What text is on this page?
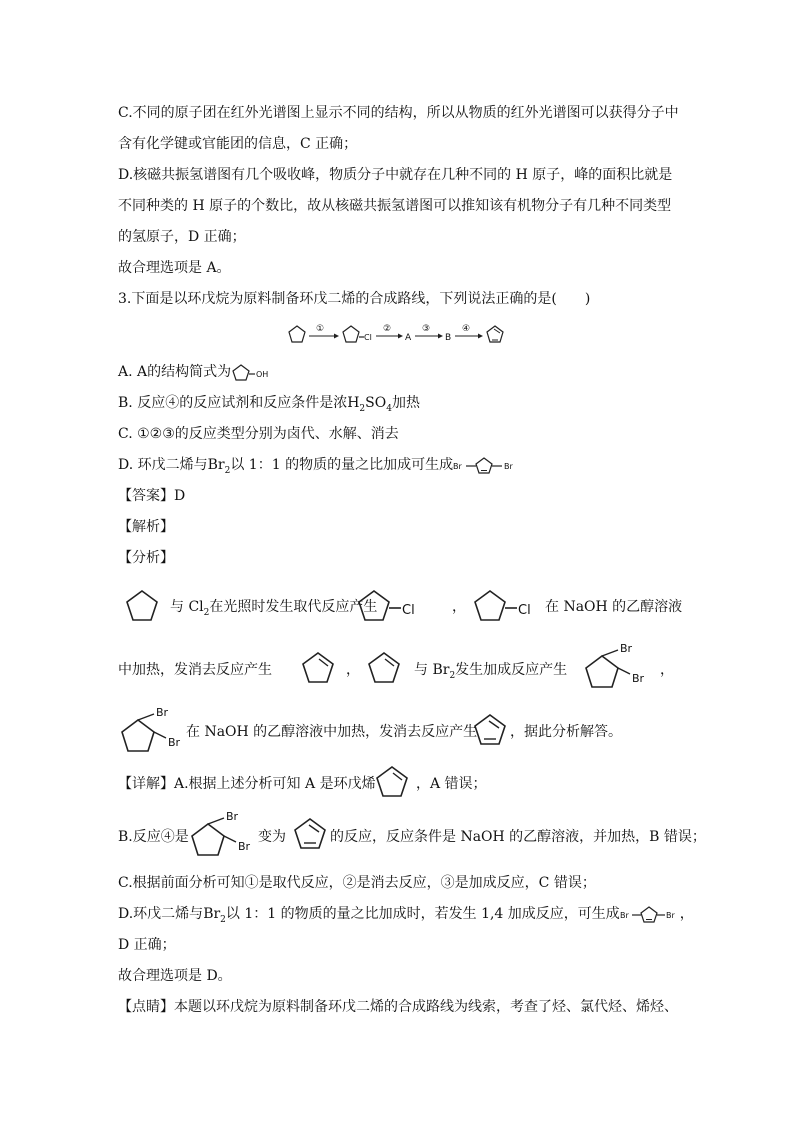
C.不同的原子团在红外光谱图上显示不同的结构，所以从物质的红外光谱图可以获得分子中
含有化学键或官能团的信息，C 正确；
D.核磁共振氢谱图有几个吸收峰，物质分子中就存在几种不同的 H 原子，峰的面积比就是
不同种类的 H 原子的个数比，故从核磁共振氢谱图可以推知该有机物分子有几种不同类型
的氢原子，D 正确；
故合理选项是 A。
3.下面是以环戊烷为原料制备环戊二烯的合成路线，下列说法正确的是(　　)
①
Cl
②
A
③
B
④
A. A的结构简式为	OH
B. 反应④的反应试剂和反应条件是浓$H_2SO_4$加热
C. ①②③的反应类型分别为卤代、水解、消去
D. 环戊二烯与$Br_2$以 1：1 的物质的量之比加成可生成 Br	Br
【答案】D
【解析】
【分析】
与 $Cl_2$在光照时发生取代反应产生 Cl	，	Cl 在 NaOH 的乙醇溶液
中加热，发消去反应产生	，	与 $Br_2$发生加成反应产生
Br
Br
，
Br
Br
在 NaOH 的乙醇溶液中加热，发消去反应产生 ，据此分析解答。
【详解】A.根据上述分析可知 A 是环戊烯	，A 错误；
B.反应④是
Br
Br
变为	的反应，反应条件是 NaOH 的乙醇溶液，并加热，B 错误；
C.根据前面分析可知①是取代反应，②是消去反应，③是加成反应，C 错误；
D.环戊二烯与$Br_2$以 1：1 的物质的量之比加成时，若发生 1,4 加成反应，可生成 Br	Br ，
D 正确；
故合理选项是 D。
【点睛】本题以环戊烷为原料制备环戊二烯的合成路线为线索，考查了烃、氯代烃、烯烃、
